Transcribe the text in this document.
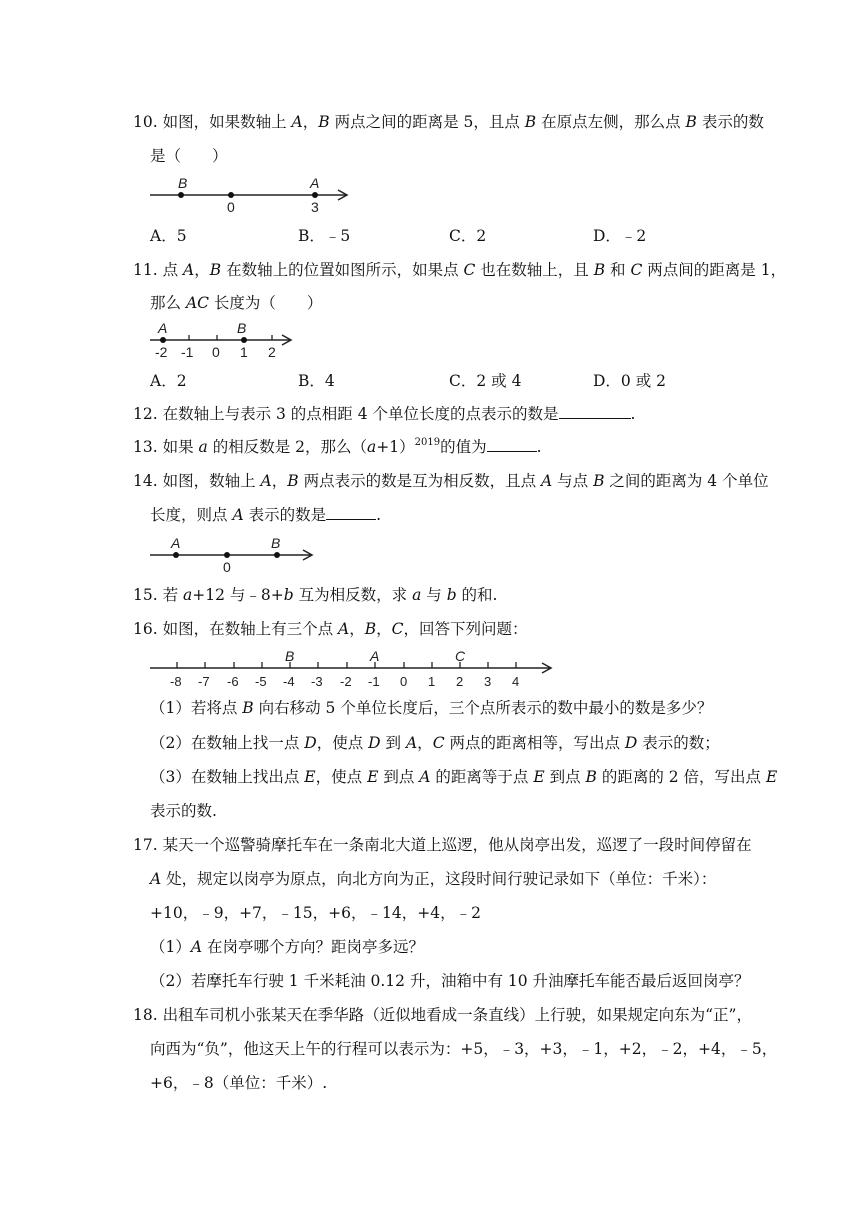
10. 如图，如果数轴上 A，B 两点之间的距离是 5，且点 B 在原点左侧，那么点 B 表示的数
是（　　）
B	A
0	3
A．5	B．﹣5	C．2	D．﹣2
11. 点 A，B 在数轴上的位置如图所示，如果点 C 也在数轴上，且 B 和 C 两点间的距离是 1，
那么 AC 长度为（　　）
A	B
-2 -1 0 1 2
A．2	B．4	C．2 或 4	D．0 或 2
12. 在数轴上与表示 3 的点相距 4 个单位长度的点表示的数是	.
13. 如果 a 的相反数是 2，那么$(a+1)^{2019}$的值为	.
14. 如图，数轴上 A，B 两点表示的数是互为相反数，且点 A 与点 B 之间的距离为 4 个单位
长度，则点 A 表示的数是	.
A	B
0
15. 若 a+12 与﹣8+b 互为相反数，求 a 与 b 的和.
16. 如图，在数轴上有三个点 A，B，C，回答下列问题：
B	A	C
-8 -7 -6 -5 -4 -3 -2 -1 0 1 2 3 4
（1）若将点 B 向右移动 5 个单位长度后，三个点所表示的数中最小的数是多少？
（2）在数轴上找一点 D，使点 D 到 A，C 两点的距离相等，写出点 D 表示的数；
（3）在数轴上找出点 E，使点 E 到点 A 的距离等于点 E 到点 B 的距离的 2 倍，写出点 E
表示的数.
17. 某天一个巡警骑摩托车在一条南北大道上巡逻，他从岗亭出发，巡逻了一段时间停留在
A 处，规定以岗亭为原点，向北方向为正，这段时间行驶记录如下（单位：千米）：
+10，﹣9，+7，﹣15，+6，﹣14，+4，﹣2
（1）A 在岗亭哪个方向？距岗亭多远？
（2）若摩托车行驶 1 千米耗油 0.12 升，油箱中有 10 升油摩托车能否最后返回岗亭？
18. 出租车司机小张某天在季华路（近似地看成一条直线）上行驶，如果规定向东为“正”，
向西为“负”，他这天上午的行程可以表示为：+5，﹣3，+3，﹣1，+2，﹣2，+4，﹣5，
+6，﹣8（单位：千米）.
